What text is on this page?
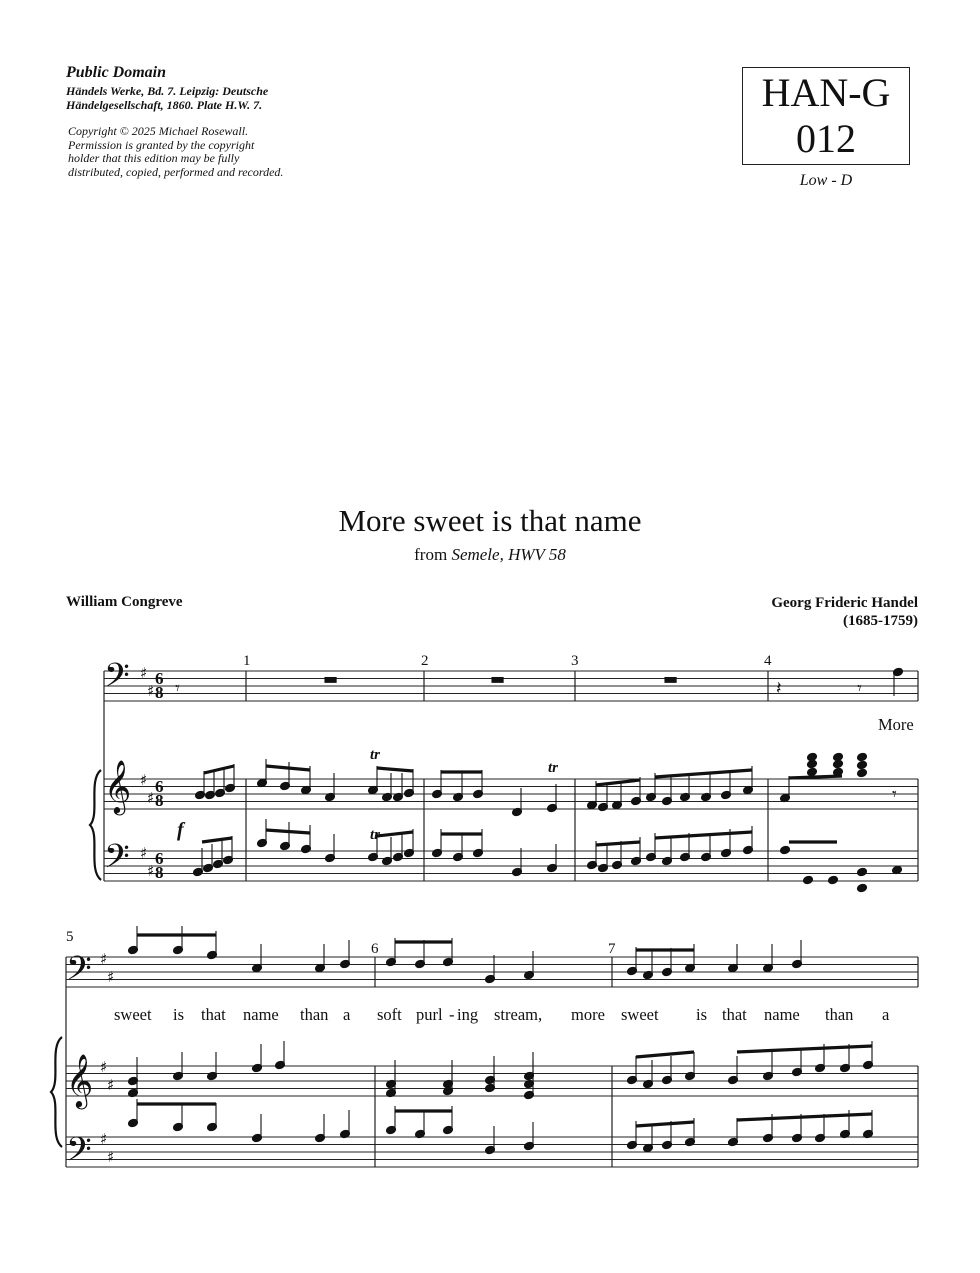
Public Domain
Händels Werke, Bd. 7. Leipzig: Deutsche
Händelgesellschaft, 1860. Plate H.W. 7.
Copyright © 2025 Michael Rosewall.
Permission is granted by the copyright
holder that this edition may be fully
distributed, copied, performed and recorded.
HAN-G
012
Low - D
More sweet is that name
from Semele, HWV 58
William Congreve	Georg Frideric Handel
(1685-1759)
𝄢
𝄞
𝄢
𝄢
𝄞
𝄢
♯
♯
♯
♯
♯
♯
♯
♯
♯
♯
♯
♯
6
8
6
8
6
8
1	2	3	4
5
6	7
f
tr
tr
tr
▬	▬	▬
𝄾	𝄽	𝄾
𝄾
More
sweet is that name than a soft purl - ing stream, more sweet is that name than a
